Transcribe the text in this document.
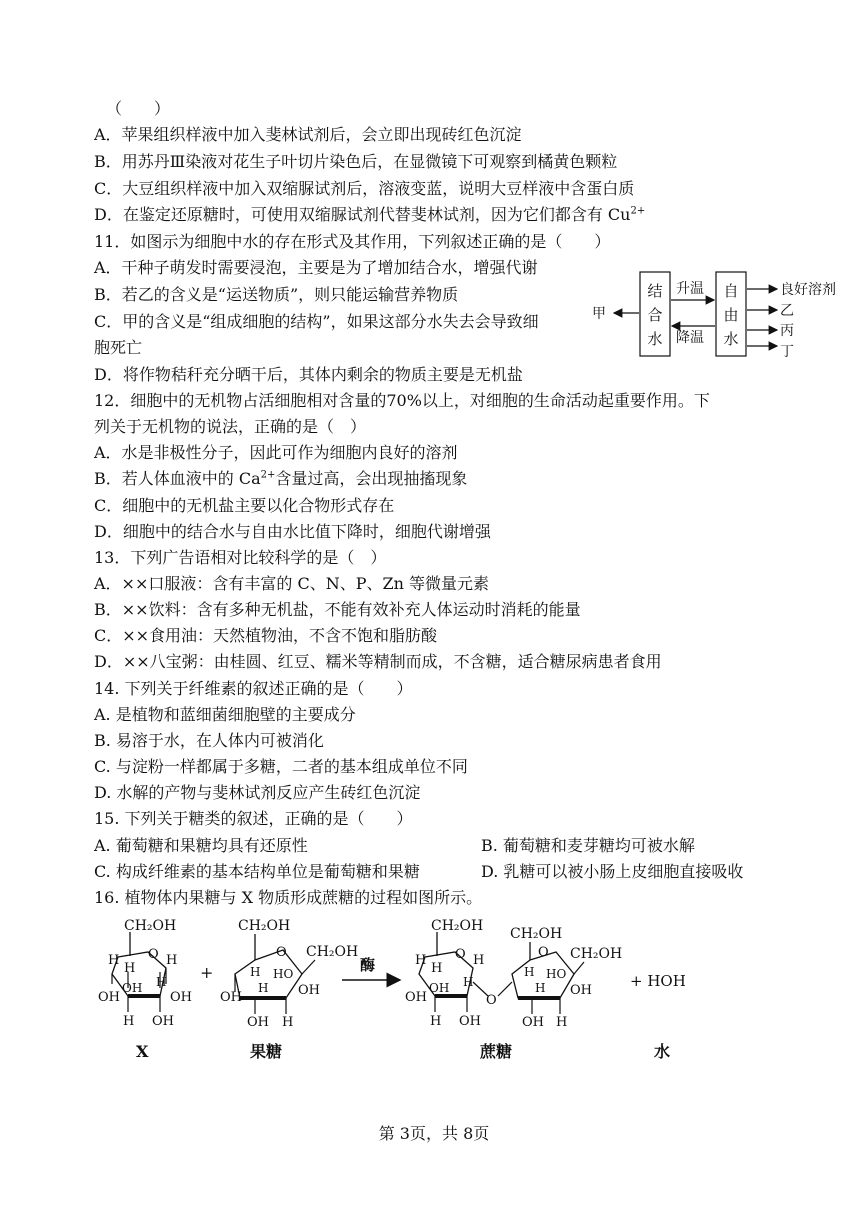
（　　）
A．苹果组织样液中加入斐林试剂后，会立即出现砖红色沉淀
B．用苏丹Ⅲ染液对花生子叶切片染色后，在显微镜下可观察到橘黄色颗粒
C．大豆组织样液中加入双缩脲试剂后，溶液变蓝，说明大豆样液中含蛋白质
11．如图示为细胞中水的存在形式及其作用，下列叙述正确的是（　　）
A．干种子萌发时需要浸泡，主要是为了增加结合水，增强代谢
B．若乙的含义是“运送物质”，则只能运输营养物质
C．甲的含义是“组成细胞的结构”，如果这部分水失去会导致细
胞死亡
D．将作物秸秆充分晒干后，其体内剩余的物质主要是无机盐
12．细胞中的无机物占活细胞相对含量的70%以上，对细胞的生命活动起重要作用。下
列关于无机物的说法，正确的是（　）
A．水是非极性分子，因此可作为细胞内良好的溶剂
C．细胞中的无机盐主要以化合物形式存在
D．细胞中的结合水与自由水比值下降时，细胞代谢增强
13．下列广告语相对比较科学的是（　）
A．××口服液：含有丰富的 C、N、P、Zn 等微量元素
B．××饮料：含有多种无机盐，不能有效补充人体运动时消耗的能量
C．××食用油：天然植物油，不含不饱和脂肪酸
D．××八宝粥：由桂圆、红豆、糯米等精制而成，不含糖，适合糖尿病患者食用
14. 下列关于纤维素的叙述正确的是（　　）
A. 是植物和蓝细菌细胞壁的主要成分
B. 易溶于水，在人体内可被消化
C. 与淀粉一样都属于多糖，二者的基本组成单位不同
D. 水解的产物与斐林试剂反应产生砖红色沉淀
15. 下列关于糖类的叙述，正确的是（　　）
A. 葡萄糖和果糖均具有还原性	B. 葡萄糖和麦芽糖均可被水解
C. 构成纤维素的基本结构单位是葡萄糖和果糖	D. 乳糖可以被小肠上皮细胞直接吸收
16. 植物体内果糖与 X 物质形成蔗糖的过程如图所示。
D．在鉴定还原糖时，可使用双缩脲试剂代替斐林试剂，因为它们都含有 $Cu^{2+}$
B．若人体血液中的 $Ca^{2+}$含量过高，会出现抽搐现象
结
合
水
自
由
水
升温
降温
甲
良好溶剂
乙
丙
丁
CH₂OH
O
H	H
H
OH
OH H
OH
H OH
X
+
CH₂OH
O CH₂OH
H HO
OH
OH
H
OH H
果糖
酶
CH₂OH
O
H	H
H
OH
OH H
H OH
O
CH₂OH
O CH₂OH
H HO
OH
H
OH H
蔗糖
+ HOH
水
第 3页，共 8页
